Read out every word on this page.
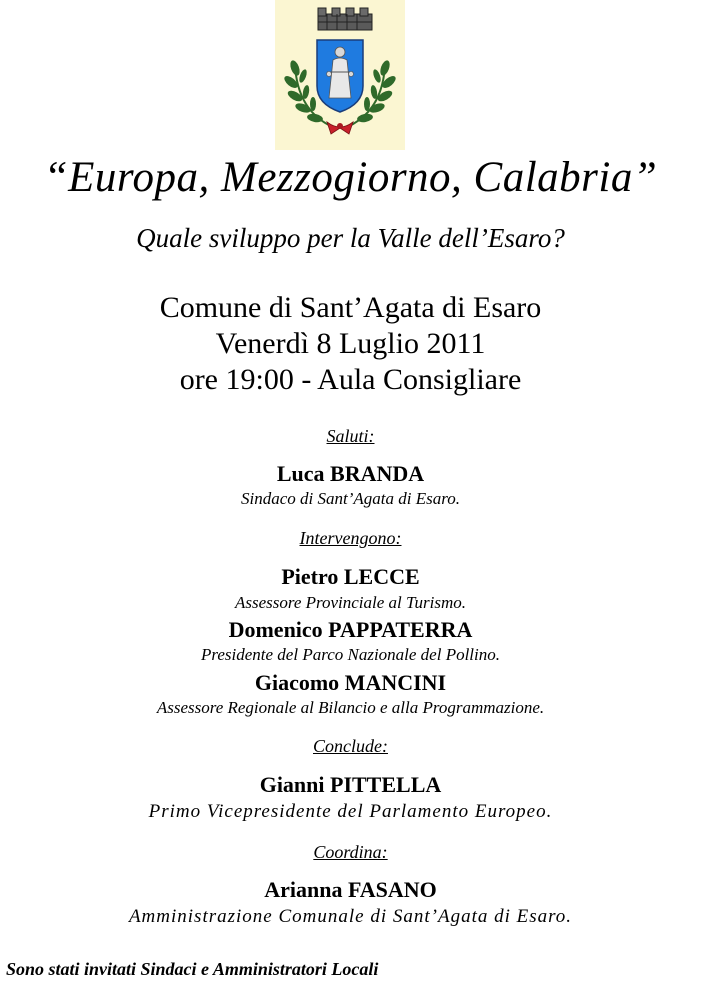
“Europa, Mezzogiorno, Calabria”
Quale sviluppo per la Valle dell’Esaro?
Comune di Sant’Agata di Esaro
Venerdì 8 Luglio 2011
ore 19:00 - Aula Consigliare
Saluti:
Luca BRANDA
Sindaco di Sant’Agata di Esaro.
Intervengono:
Pietro LECCE
Assessore Provinciale al Turismo.
Domenico PAPPATERRA
Presidente del Parco Nazionale del Pollino.
Giacomo MANCINI
Assessore Regionale al Bilancio e alla Programmazione.
Conclude:
Gianni PITTELLA
Primo Vicepresidente del Parlamento Europeo.
Coordina:
Arianna FASANO
Amministrazione Comunale di Sant’Agata di Esaro.
Sono stati invitati Sindaci e Amministratori Locali
